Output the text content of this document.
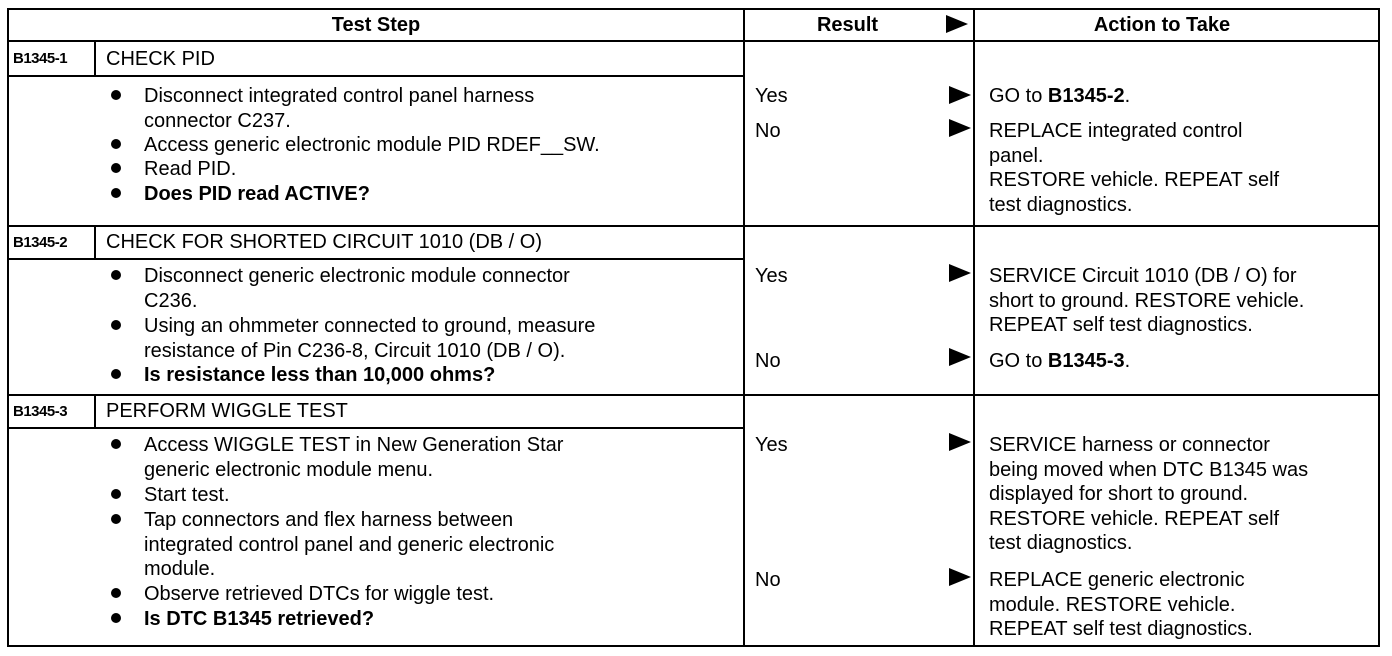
Test Step	Result	Action to Take
B1345-1 CHECK PID
Disconnect integrated control panel harness
connector C237.
Access generic electronic module PID RDEF__SW.
Read PID.
Does PID read ACTIVE?
Yes	GO to B1345-2.
No	REPLACE integrated control
panel.
RESTORE vehicle. REPEAT self
test diagnostics.
B1345-2 CHECK FOR SHORTED CIRCUIT 1010 (DB / O)
Disconnect generic electronic module connector
C236.
Using an ohmmeter connected to ground, measure
resistance of Pin C236-8, Circuit 1010 (DB / O).
Is resistance less than 10,000 ohms?
Yes	SERVICE Circuit 1010 (DB / O) for
short to ground. RESTORE vehicle.
REPEAT self test diagnostics.
No	GO to B1345-3.
B1345-3 PERFORM WIGGLE TEST
Access WIGGLE TEST in New Generation Star
generic electronic module menu.
Start test.
Tap connectors and flex harness between
integrated control panel and generic electronic
module.
Observe retrieved DTCs for wiggle test.
Is DTC B1345 retrieved?
Yes	SERVICE harness or connector
being moved when DTC B1345 was
displayed for short to ground.
RESTORE vehicle. REPEAT self
test diagnostics.
No	REPLACE generic electronic
module. RESTORE vehicle.
REPEAT self test diagnostics.
